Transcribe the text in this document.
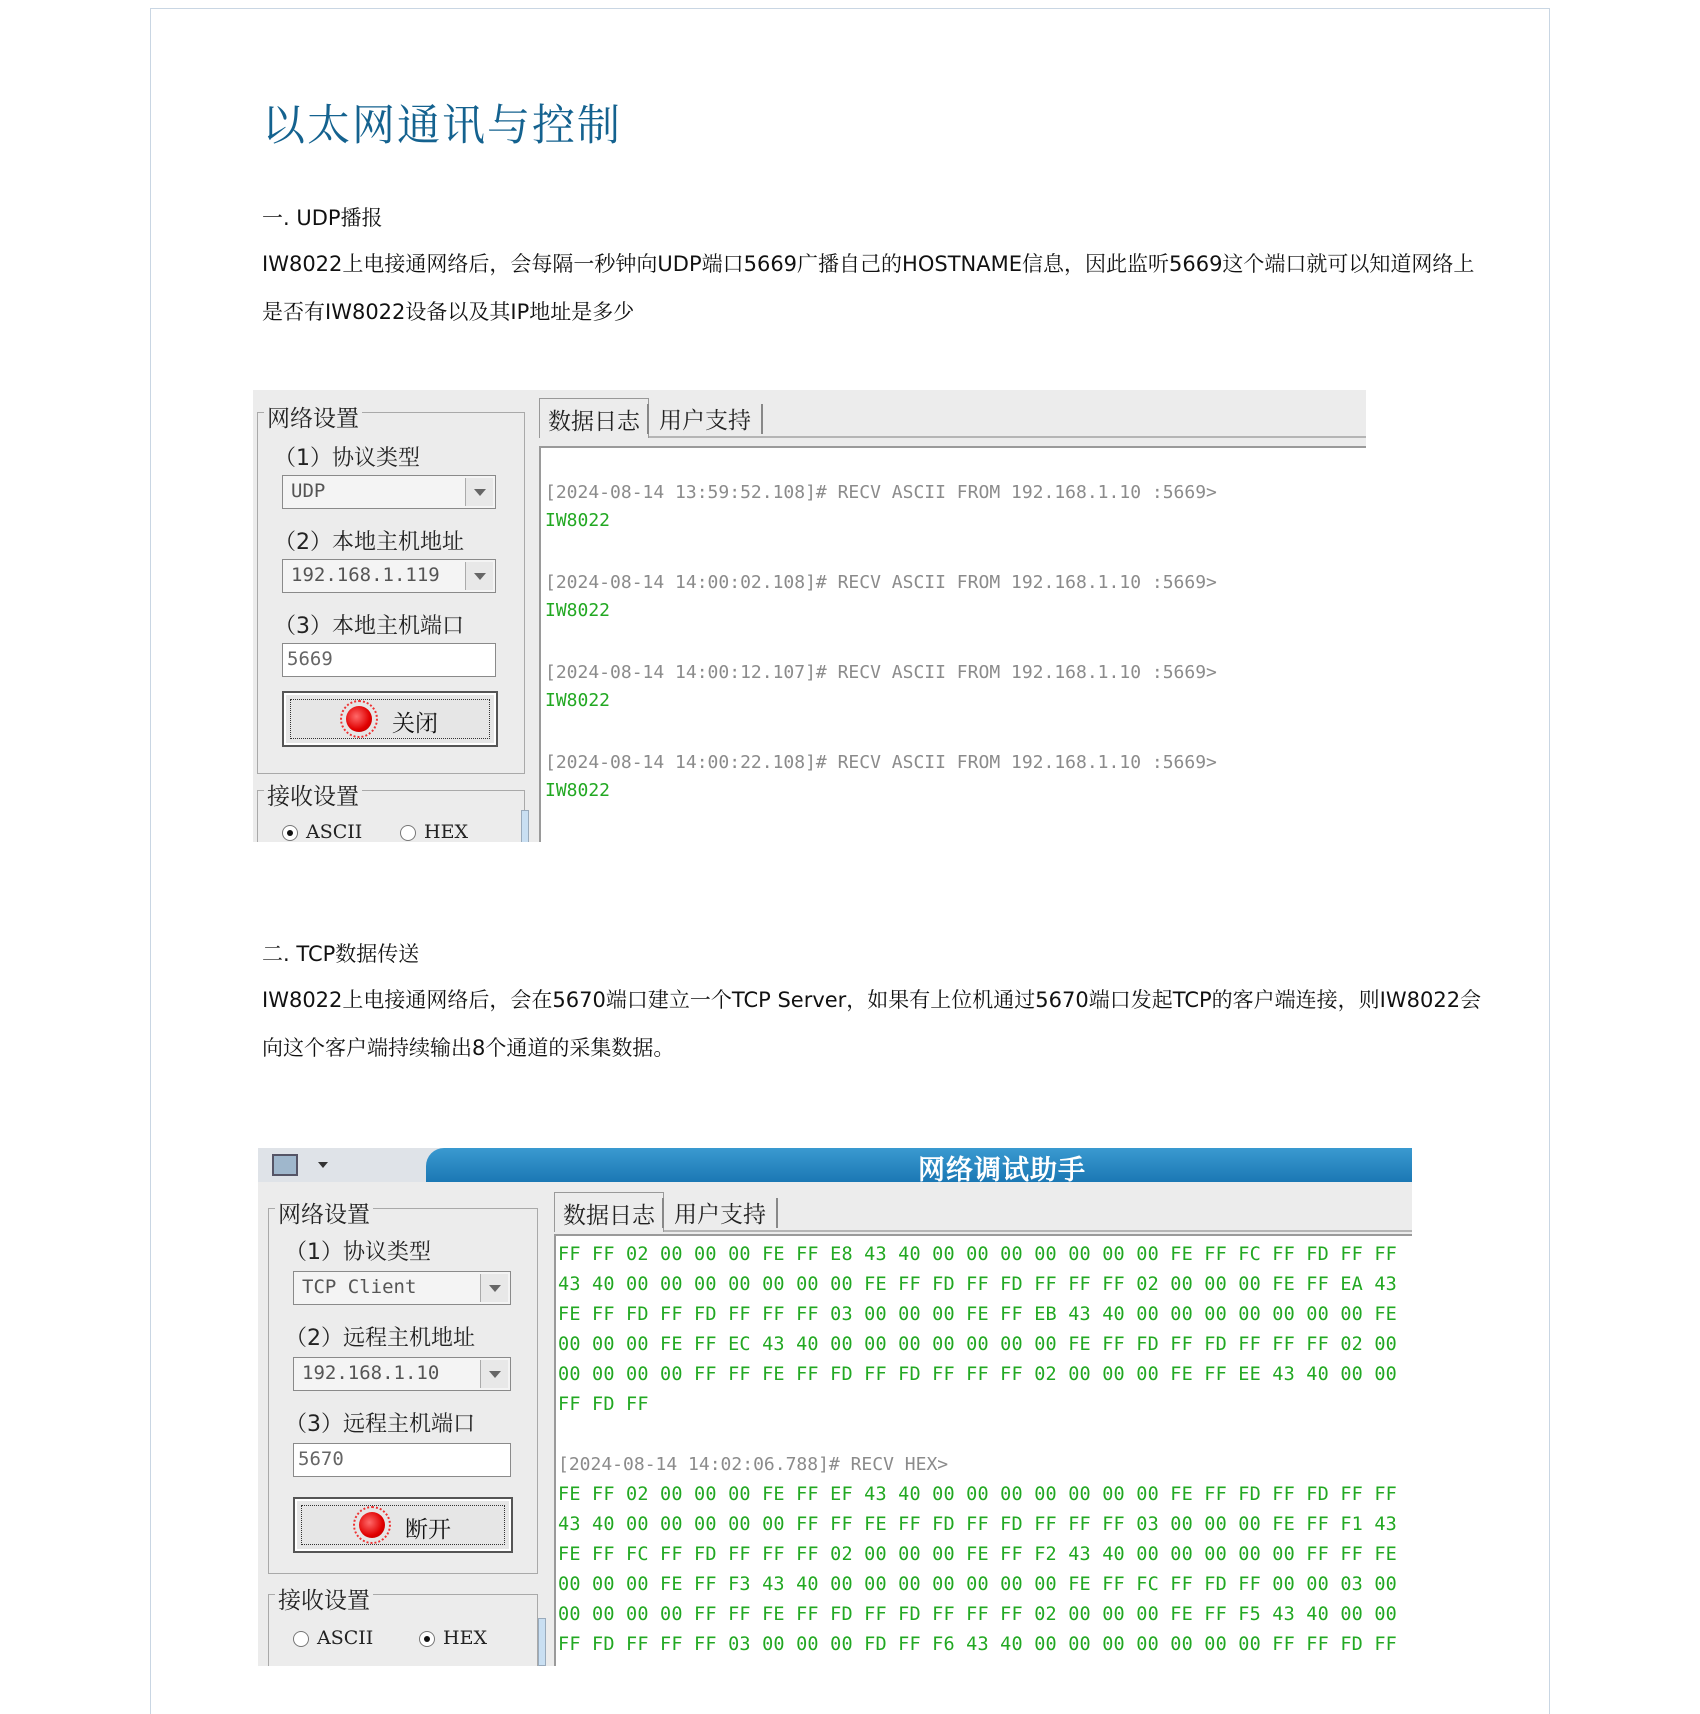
以太网通讯与控制
一. UDP播报
IW8022上电接通网络后，会每隔一秒钟向UDP端口5669广播自己的HOSTNAME信息，因此监听5669这个端口就可以知道网络上是否有IW8022设备以及其IP地址是多少
网络设置
（1）协议类型
UDP
（2）本地主机地址
192.168.1.119
（3）本地主机端口
5669
关闭
接收设置
ASCII	HEX
数据日志 用户支持
[2024-08-14 13:59:52.108]# RECV ASCII FROM 192.168.1.10 :5669>
IW8022
[2024-08-14 14:00:02.108]# RECV ASCII FROM 192.168.1.10 :5669>
IW8022
[2024-08-14 14:00:12.107]# RECV ASCII FROM 192.168.1.10 :5669>
IW8022
[2024-08-14 14:00:22.108]# RECV ASCII FROM 192.168.1.10 :5669>
IW8022
二. TCP数据传送
IW8022上电接通网络后，会在5670端口建立一个TCP Server，如果有上位机通过5670端口发起TCP的客户端连接，则IW8022会向这个客户端持续输出8个通道的采集数据。
网络调试助手
网络设置
（1）协议类型
TCP Client
（2）远程主机地址
192.168.1.10
（3）远程主机端口
5670
断开
接收设置
ASCII	HEX
数据日志 用户支持
FF FF 02 00 00 00 FE FF E8 43 40 00 00 00 00 00 00 00 FE FF FC FF FD FF FF
43 40 00 00 00 00 00 00 00 FE FF FD FF FD FF FF FF 02 00 00 00 FE FF EA 43
FE FF FD FF FD FF FF FF 03 00 00 00 FE FF EB 43 40 00 00 00 00 00 00 00 FE
00 00 00 FE FF EC 43 40 00 00 00 00 00 00 00 FE FF FD FF FD FF FF FF 02 00
00 00 00 00 FF FF FE FF FD FF FD FF FF FF 02 00 00 00 FE FF EE 43 40 00 00
FF FD FF
[2024-08-14 14:02:06.788]# RECV HEX>
FE FF 02 00 00 00 FE FF EF 43 40 00 00 00 00 00 00 00 FE FF FD FF FD FF FF
43 40 00 00 00 00 00 FF FF FE FF FD FF FD FF FF FF 03 00 00 00 FE FF F1 43
FE FF FC FF FD FF FF FF 02 00 00 00 FE FF F2 43 40 00 00 00 00 00 FF FF FE
00 00 00 FE FF F3 43 40 00 00 00 00 00 00 00 FE FF FC FF FD FF 00 00 03 00
00 00 00 00 FF FF FE FF FD FF FD FF FF FF 02 00 00 00 FE FF F5 43 40 00 00
FF FD FF FF FF 03 00 00 00 FD FF F6 43 40 00 00 00 00 00 00 00 FF FF FD FF
